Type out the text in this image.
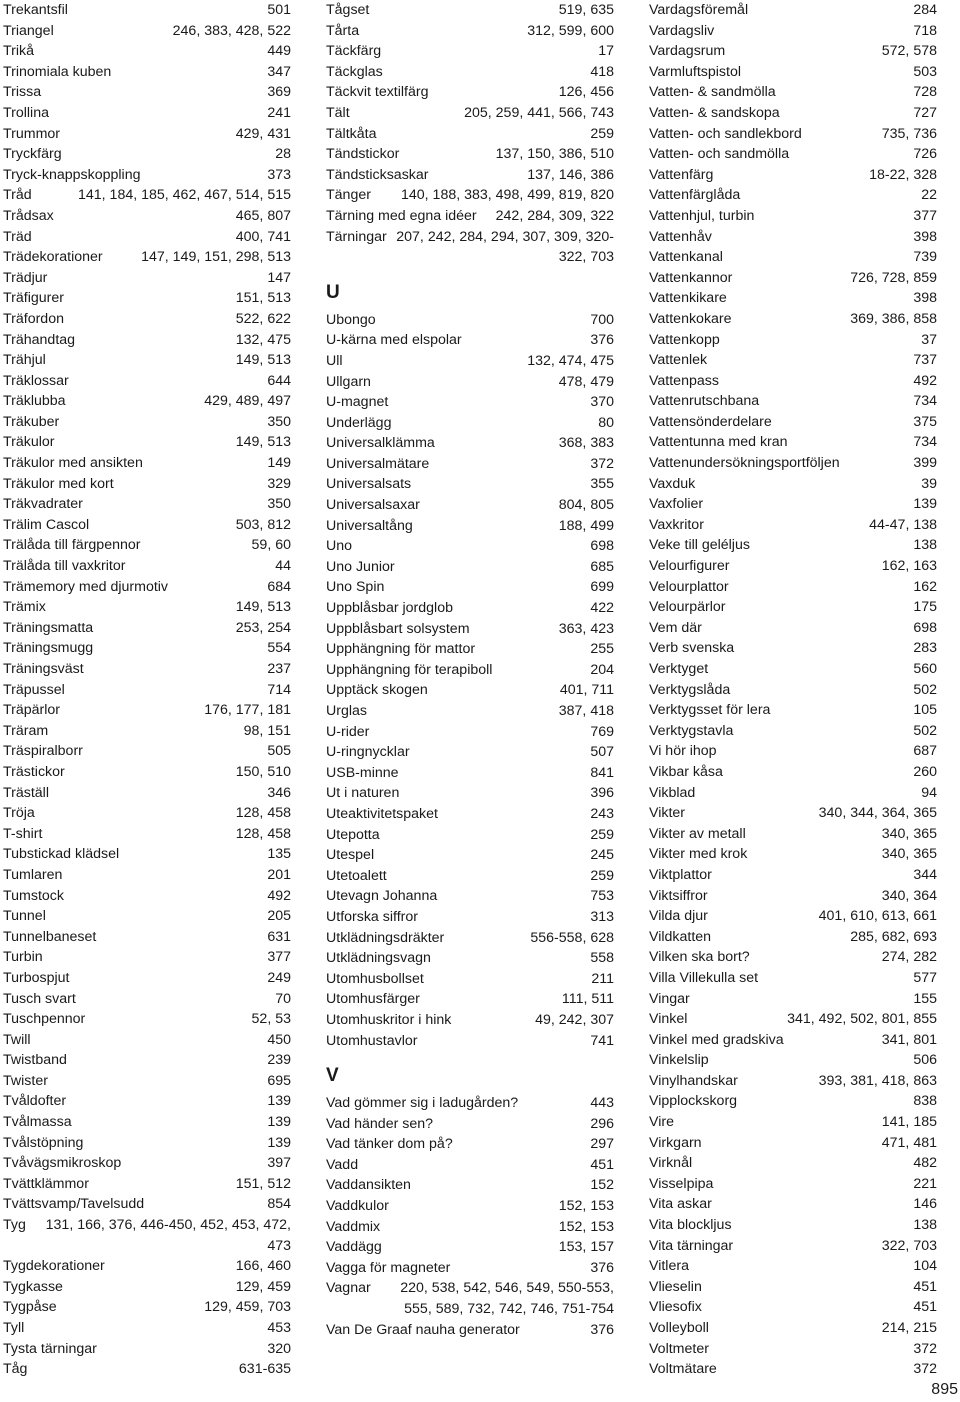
Trekantsfil	501
Triangel	246, 383, 428, 522
Trikå	449
Trinomiala kuben	347
Trissa	369
Trollina	241
Trummor	429, 431
Tryckfärg	28
Tryck-knappskoppling	373
Tråd	141, 184, 185, 462, 467, 514, 515
Trådsax	465, 807
Träd	400, 741
Trädekorationer	147, 149, 151, 298, 513
Trädjur	147
Träfigurer	151, 513
Träfordon	522, 622
Trähandtag	132, 475
Trähjul	149, 513
Träklossar	644
Träklubba	429, 489, 497
Träkuber	350
Träkulor	149, 513
Träkulor med ansikten	149
Träkulor med kort	329
Träkvadrater	350
Trälim Cascol	503, 812
Trälåda till färgpennor	59, 60
Trälåda till vaxkritor	44
Trämemory med djurmotiv	684
Trämix	149, 513
Träningsmatta	253, 254
Träningsmugg	554
Träningsväst	237
Träpussel	714
Träpärlor	176, 177, 181
Träram	98, 151
Träspiralborr	505
Trästickor	150, 510
Träställ	346
Tröja	128, 458
T-shirt	128, 458
Tubstickad klädsel	135
Tumlaren	201
Tumstock	492
Tunnel	205
Tunnelbaneset	631
Turbin	377
Turbospjut	249
Tusch svart	70
Tuschpennor	52, 53
Twill	450
Twistband	239
Twister	695
Tvåldofter	139
Tvålmassa	139
Tvålstöpning	139
Tvåvägsmikroskop	397
Tvättklämmor	151, 512
Tvättsvamp/Tavelsudd	854
Tyg	131, 166, 376, 446-450, 452, 453, 472, 473
Tygdekorationer	166, 460
Tygkasse	129, 459
Tygpåse	129, 459, 703
Tyll	453
Tysta tärningar	320
Tåg	631-635
Tågset	519, 635
Tårta	312, 599, 600
Täckfärg	17
Täckglas	418
Täckvit textilfärg	126, 456
Tält	205, 259, 441, 566, 743
Tältkåta	259
Tändstickor	137, 150, 386, 510
Tändsticksaskar	137, 146, 386
Tänger	140, 188, 383, 498, 499, 819, 820
Tärning med egna idéer	242, 284, 309, 322
Tärningar 207, 242, 284, 294, 307, 309, 320-322, 703
U
Ubongo	700
U-kärna med elspolar	376
Ull	132, 474, 475
Ullgarn	478, 479
U-magnet	370
Underlägg	80
Universalklämma	368, 383
Universalmätare	372
Universalsats	355
Universalsaxar	804, 805
Universaltång	188, 499
Uno	698
Uno Junior	685
Uno Spin	699
Uppblåsbar jordglob	422
Uppblåsbart solsystem	363, 423
Upphängning för mattor	255
Upphängning för terapiboll	204
Upptäck skogen	401, 711
Urglas	387, 418
U-rider	769
U-ringnycklar	507
USB-minne	841
Ut i naturen	396
Uteaktivitetspaket	243
Utepotta	259
Utespel	245
Utetoalett	259
Utevagn Johanna	753
Utforska siffror	313
Utklädningsdräkter	556-558, 628
Utklädningsvagn	558
Utomhusbollset	211
Utomhusfärger	111, 511
Utomhuskritor i hink	49, 242, 307
Utomhustavlor	741
V
Vad gömmer sig i ladugården?	443
Vad händer sen?	296
Vad tänker dom på?	297
Vadd	451
Vaddansikten	152
Vaddkulor	152, 153
Vaddmix	152, 153
Vaddägg	153, 157
Vagga för magneter	376
Vagnar	220, 538, 542, 546, 549, 550-553, 555, 589, 732, 742, 746, 751-754
Van De Graaf nauha generator	376
Vardagsföremål	284
Vardagsliv	718
Vardagsrum	572, 578
Varmluftspistol	503
Vatten- & sandmölla	728
Vatten- & sandskopa	727
Vatten- och sandlekbord	735, 736
Vatten- och sandmölla	726
Vattenfärg	18-22, 328
Vattenfärglåda	22
Vattenhjul, turbin	377
Vattenhåv	398
Vattenkanal	739
Vattenkannor	726, 728, 859
Vattenkikare	398
Vattenkokare	369, 386, 858
Vattenkopp	37
Vattenlek	737
Vattenpass	492
Vattenrutschbana	734
Vattensönderdelare	375
Vattentunna med kran	734
Vattenundersökningsportföljen	399
Vaxduk	39
Vaxfolier	139
Vaxkritor	44-47, 138
Veke till geléljus	138
Velourfigurer	162, 163
Velourplattor	162
Velourpärlor	175
Vem där	698
Verb svenska	283
Verktyget	560
Verktygslåda	502
Verktygsset för lera	105
Verktygstavla	502
Vi hör ihop	687
Vikbar kåsa	260
Vikblad	94
Vikter	340, 344, 364, 365
Vikter av metall	340, 365
Vikter med krok	340, 365
Viktplattor	344
Viktsiffror	340, 364
Vilda djur	401, 610, 613, 661
Vildkatten	285, 682, 693
Vilken ska bort?	274, 282
Villa Villekulla set	577
Vingar	155
Vinkel	341, 492, 502, 801, 855
Vinkel med gradskiva	341, 801
Vinkelslip	506
Vinylhandskar	393, 381, 418, 863
Vipplockskorg	838
Vire	141, 185
Virkgarn	471, 481
Virknål	482
Visselpipa	221
Vita askar	146
Vita blockljus	138
Vita tärningar	322, 703
Vitlera	104
Vlieselin	451
Vliesofix	451
Volleyboll	214, 215
Voltmeter	372
Voltmätare	372
895
